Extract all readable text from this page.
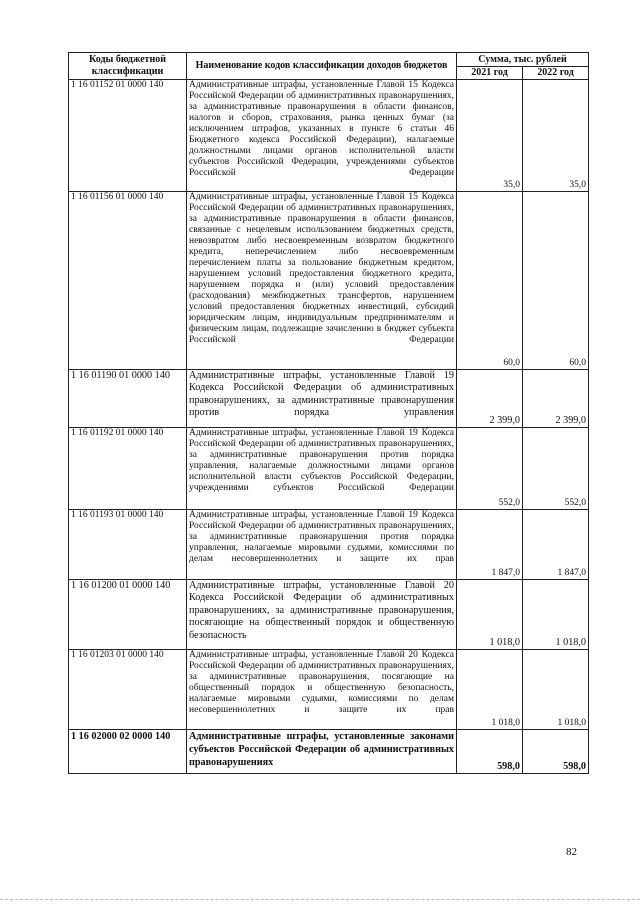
Коды бюджетной классификации	Наименование кодов классификации доходов бюджетов	Сумма, тыс. рублей	
		2021 год	2022 год
1 16 01152 01 0000 140	Административные штрафы, установленные Главой 15 Кодекса Российской Федерации об административных правонарушениях, за административные правонарушения в области финансов, налогов и сборов, страхования, рынка ценных бумаг (за исключением штрафов, указанных в пункте 6 статьи 46 Бюджетного кодекса Российской Федерации), налагаемые должностными лицами органов исполнительной власти субъектов Российской Федерации, учреждениями субъектов Российской Федерации	35,0	35,0
1 16 01156 01 0000 140	Административные штрафы, установленные Главой 15 Кодекса Российской Федерации об административных правонарушениях, за административные правонарушения в области финансов, связанные с нецелевым использованием бюджетных средств, невозвратом либо несвоевременным возвратом бюджетного кредита, неперечислением либо несвоевременным перечислением платы за пользование бюджетным кредитом, нарушением условий предоставления бюджетного кредита, нарушением порядка и (или) условий предоставления (расходования) межбюджетных трансфертов, нарушением условий предоставления бюджетных инвестиций, субсидий юридическим лицам, индивидуальным предпринимателям и физическим лицам, подлежащие зачислению в бюджет субъекта Российской Федерации	60,0	60,0
1 16 01190 01 0000 140	Административные штрафы, установленные Главой 19 Кодекса Российской Федерации об административных правонарушениях, за административные правонарушения против порядка управления	2 399,0	2 399,0
1 16 01192 01 0000 140	Административные штрафы, установленные Главой 19 Кодекса Российской Федерации об административных правонарушениях, за административные правонарушения против порядка управления, налагаемые должностными лицами органов исполнительной власти субъектов Российской Федерации, учреждениями субъектов Российской Федерации	552,0	552,0
1 16 01193 01 0000 140	Административные штрафы, установленные Главой 19 Кодекса Российской Федерации об административных правонарушениях, за административные правонарушения против порядка управления, налагаемые мировыми судьями, комиссиями по делам несовершеннолетних и защите их прав	1 847,0	1 847,0
1 16 01200 01 0000 140	Административные штрафы, установленные Главой 20 Кодекса Российской Федерации об административных правонарушениях, за административные правонарушения, посягающие на общественный порядок и общественную безопасность	1 018,0	1 018,0
1 16 01203 01 0000 140	Административные штрафы, установленные Главой 20 Кодекса Российской Федерации об административных правонарушениях, за административные правонарушения, посягающие на общественный порядок и общественную безопасность, налагаемые мировыми судьями, комиссиями по делам несовершеннолетних и защите их прав	1 018,0	1 018,0
1 16 02000 02 0000 140	Административные штрафы, установленные законами субъектов Российской Федерации об административных правонарушениях	598,0	598,0
82
